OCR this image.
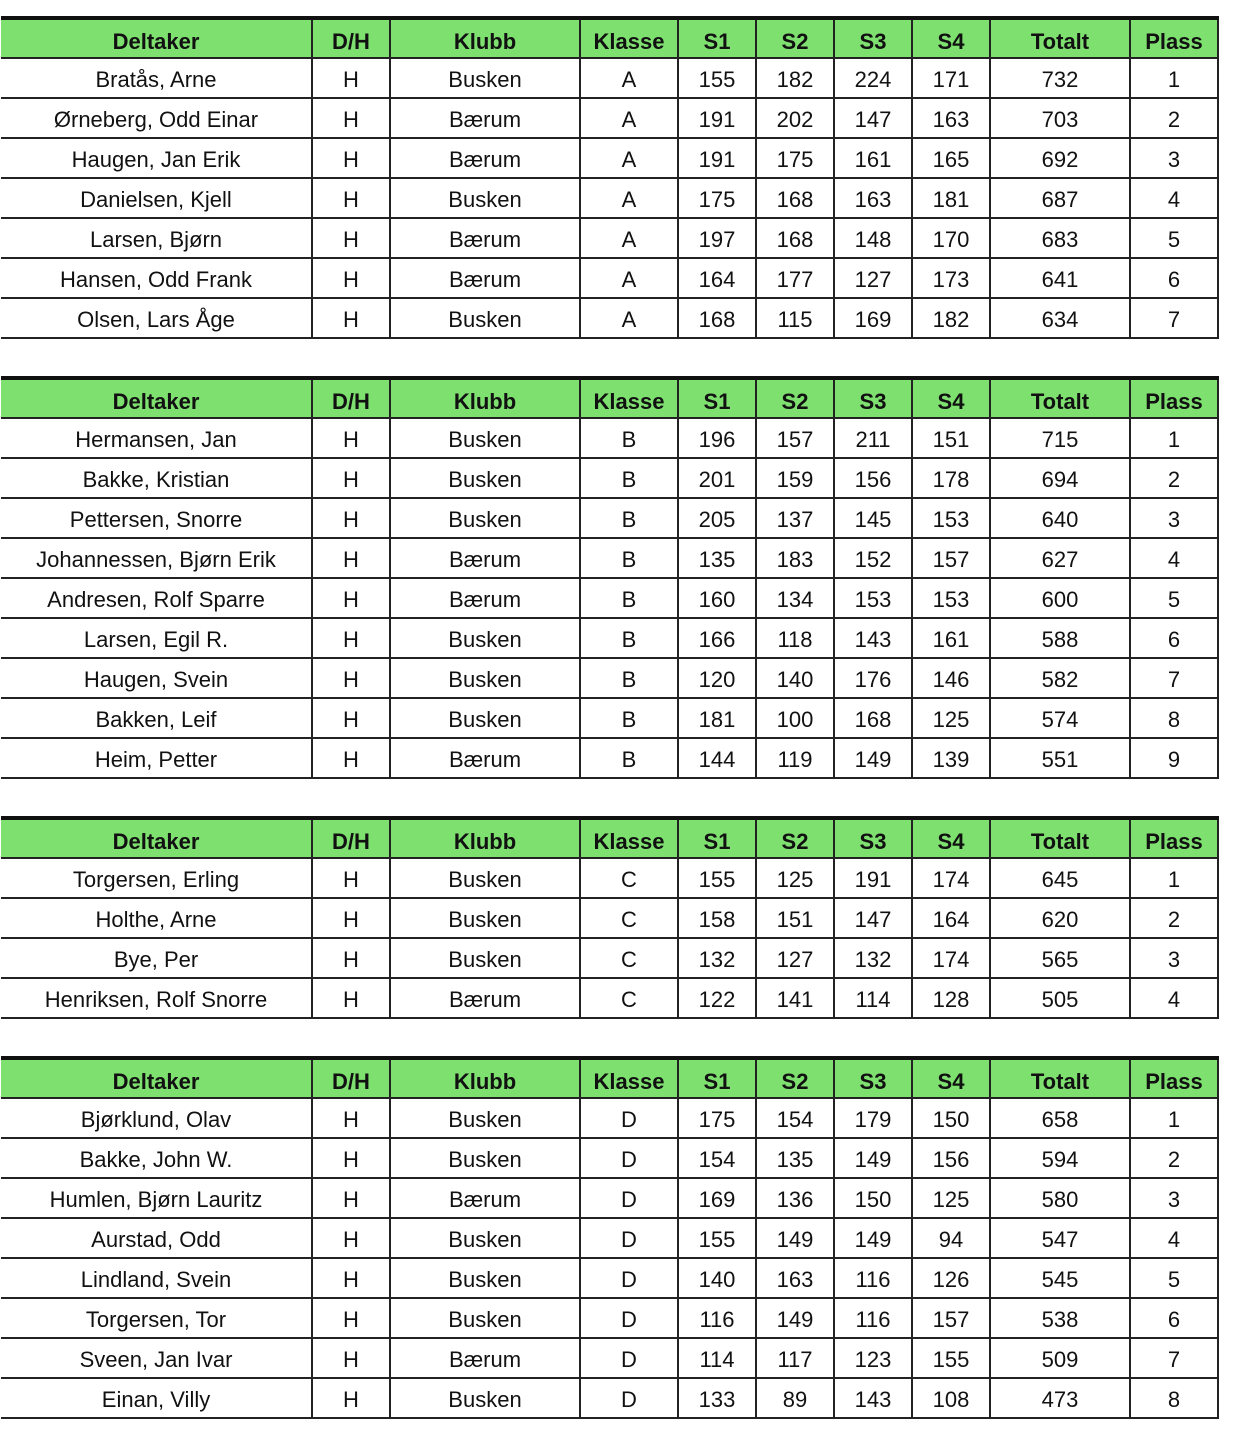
Deltaker	D/H	Klubb	Klasse	S1	S2	S3	S4	Totalt	Plass
Bratås, Arne	H	Busken	A	155	182	224	171	732	1
Ørneberg, Odd Einar	H	Bærum	A	191	202	147	163	703	2
Haugen, Jan Erik	H	Bærum	A	191	175	161	165	692	3
Danielsen, Kjell	H	Busken	A	175	168	163	181	687	4
Larsen, Bjørn	H	Bærum	A	197	168	148	170	683	5
Hansen, Odd Frank	H	Bærum	A	164	177	127	173	641	6
Olsen, Lars Åge	H	Busken	A	168	115	169	182	634	7
Deltaker	D/H	Klubb	Klasse	S1	S2	S3	S4	Totalt	Plass
Hermansen, Jan	H	Busken	B	196	157	211	151	715	1
Bakke, Kristian	H	Busken	B	201	159	156	178	694	2
Pettersen, Snorre	H	Busken	B	205	137	145	153	640	3
Johannessen, Bjørn Erik	H	Bærum	B	135	183	152	157	627	4
Andresen, Rolf Sparre	H	Bærum	B	160	134	153	153	600	5
Larsen, Egil R.	H	Busken	B	166	118	143	161	588	6
Haugen, Svein	H	Busken	B	120	140	176	146	582	7
Bakken, Leif	H	Busken	B	181	100	168	125	574	8
Heim, Petter	H	Bærum	B	144	119	149	139	551	9
Deltaker	D/H	Klubb	Klasse	S1	S2	S3	S4	Totalt	Plass
Torgersen, Erling	H	Busken	C	155	125	191	174	645	1
Holthe, Arne	H	Busken	C	158	151	147	164	620	2
Bye, Per	H	Busken	C	132	127	132	174	565	3
Henriksen, Rolf Snorre	H	Bærum	C	122	141	114	128	505	4
Deltaker	D/H	Klubb	Klasse	S1	S2	S3	S4	Totalt	Plass
Bjørklund, Olav	H	Busken	D	175	154	179	150	658	1
Bakke, John W.	H	Busken	D	154	135	149	156	594	2
Humlen, Bjørn Lauritz	H	Bærum	D	169	136	150	125	580	3
Aurstad, Odd	H	Busken	D	155	149	149	94	547	4
Lindland, Svein	H	Busken	D	140	163	116	126	545	5
Torgersen, Tor	H	Busken	D	116	149	116	157	538	6
Sveen, Jan Ivar	H	Bærum	D	114	117	123	155	509	7
Einan, Villy	H	Busken	D	133	89	143	108	473	8
